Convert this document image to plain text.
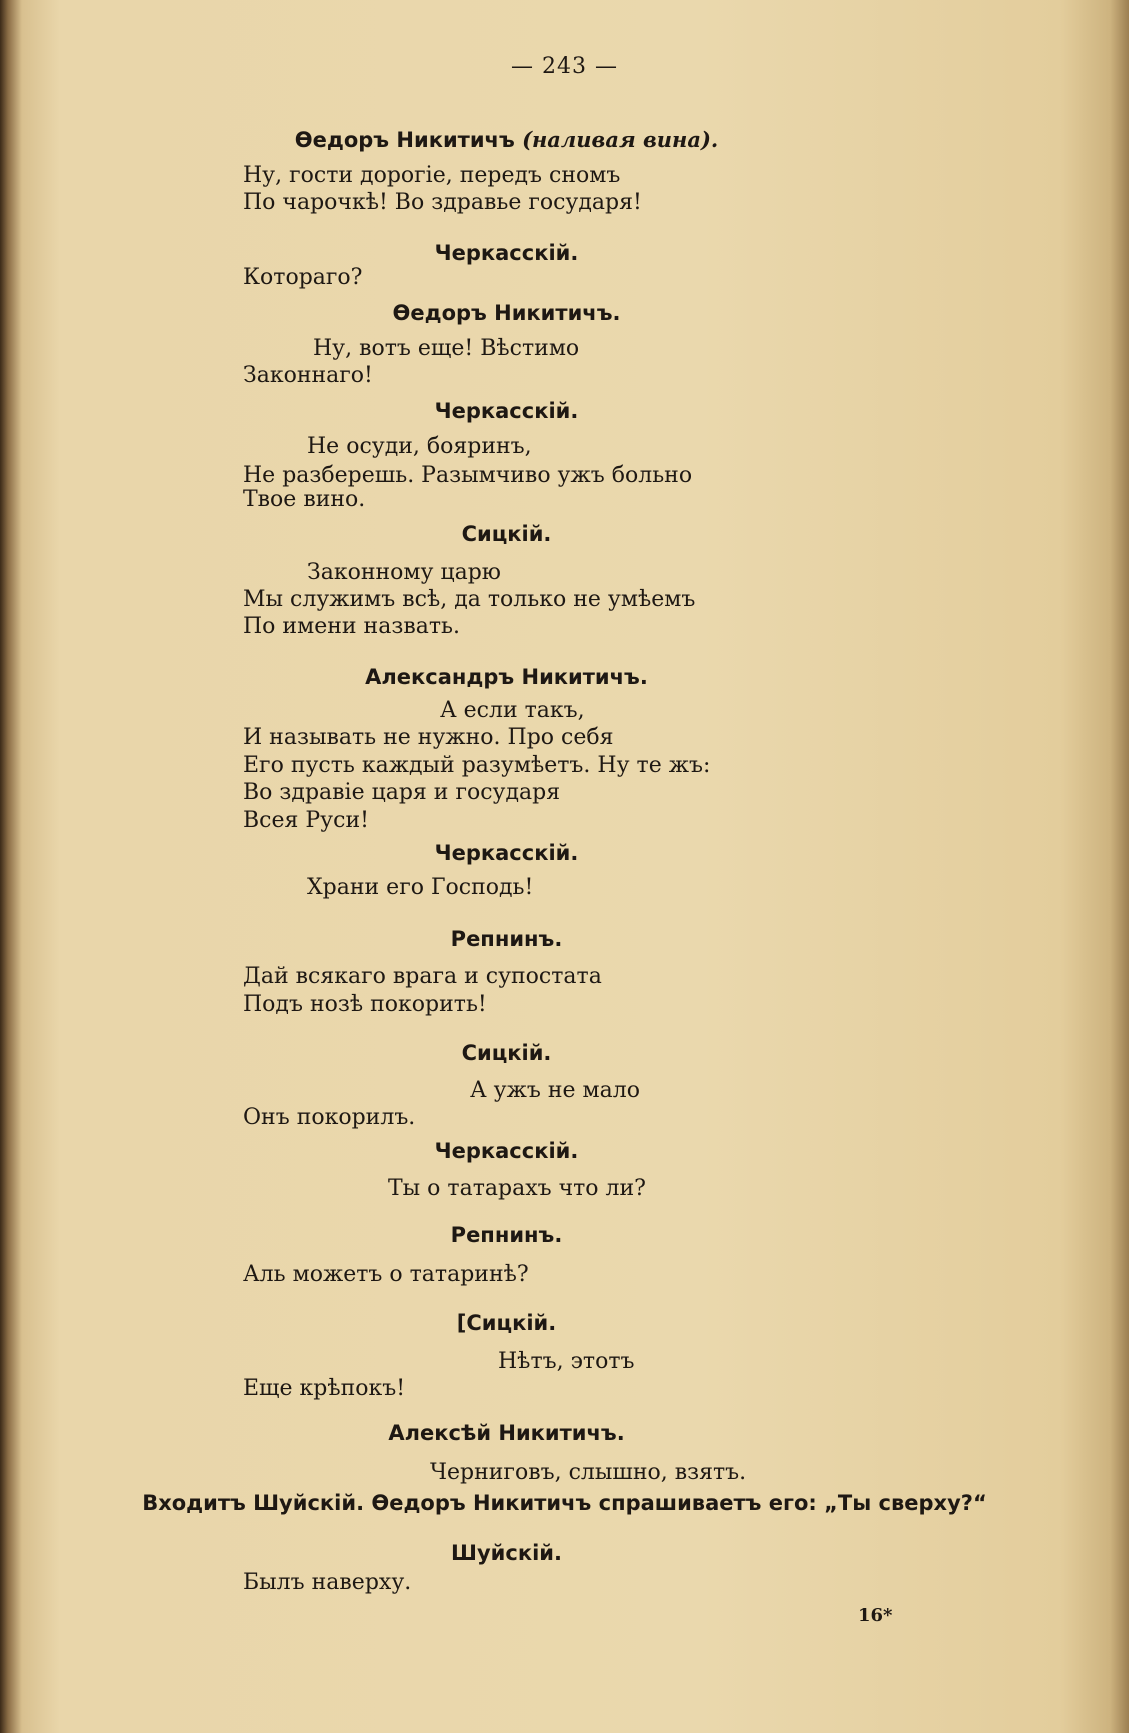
— 243 —
Өедоръ Никитичъ (наливая вина).
Ну, гости дорогіе, передъ сномъ
По чарочкѣ! Во здравье государя!
Черкасскій.
Котораго?
Өедоръ Никитичъ.
Ну, вотъ еще! Вѣстимо
Законнаго!
Черкасскій.
Не осуди, бояринъ,
Не разберешь. Разымчиво ужъ больно
Твое вино.
Сицкій.
Законному царю
Мы служимъ всѣ, да только не умѣемъ
По имени назвать.
Александръ Никитичъ.
А если такъ,
И называть не нужно. Про себя
Его пусть каждый разумѣетъ. Ну те жъ:
Во здравіе царя и государя
Всея Руси!
Черкасскій.
Храни его Господь!
Репнинъ.
Дай всякаго врага и супостата
Подъ нозѣ покорить!
Сицкій.
А ужъ не мало
Онъ покорилъ.
Черкасскій.
Ты о татарахъ что ли?
Репнинъ.
Аль можетъ о татаринѣ?
[Сицкій.
Нѣтъ, этотъ
Еще крѣпокъ!
Алексѣй Никитичъ.
Черниговъ, слышно, взятъ.
Входитъ Шуйскій. Өедоръ Никитичъ спрашиваетъ его: „Ты сверху?“
Шуйскій.
Былъ наверху.
16*
